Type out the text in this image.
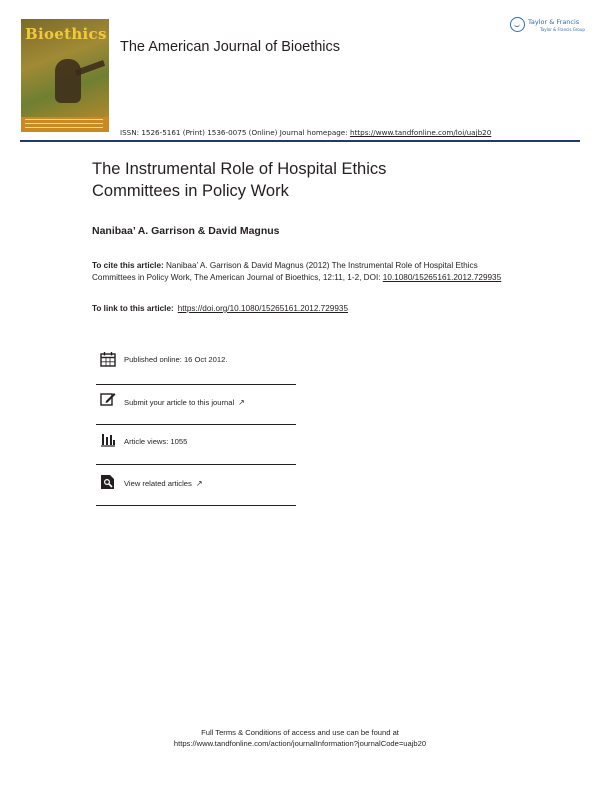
Bioethics
The American Journal of Bioethics
ISSN: 1526-5161 (Print) 1536-0075 (Online) Journal homepage: https://www.tandfonline.com/loi/uajb20
Taylor & Francis
Taylor & Francis Group
The Instrumental Role of Hospital Ethics
Committees in Policy Work
Nanibaa’ A. Garrison & David Magnus
To cite this article: Nanibaa’ A. Garrison & David Magnus (2012) The Instrumental Role of Hospital Ethics Committees in Policy Work, The American Journal of Bioethics, 12:11, 1-2, DOI: 10.1080/15265161.2012.729935
To link to this article: https://doi.org/10.1080/15265161.2012.729935
Published online: 16 Oct 2012.
Submit your article to this journal ↗
Article views: 1055
View related articles ↗
Full Terms & Conditions of access and use can be found at
https://www.tandfonline.com/action/journalInformation?journalCode=uajb20
